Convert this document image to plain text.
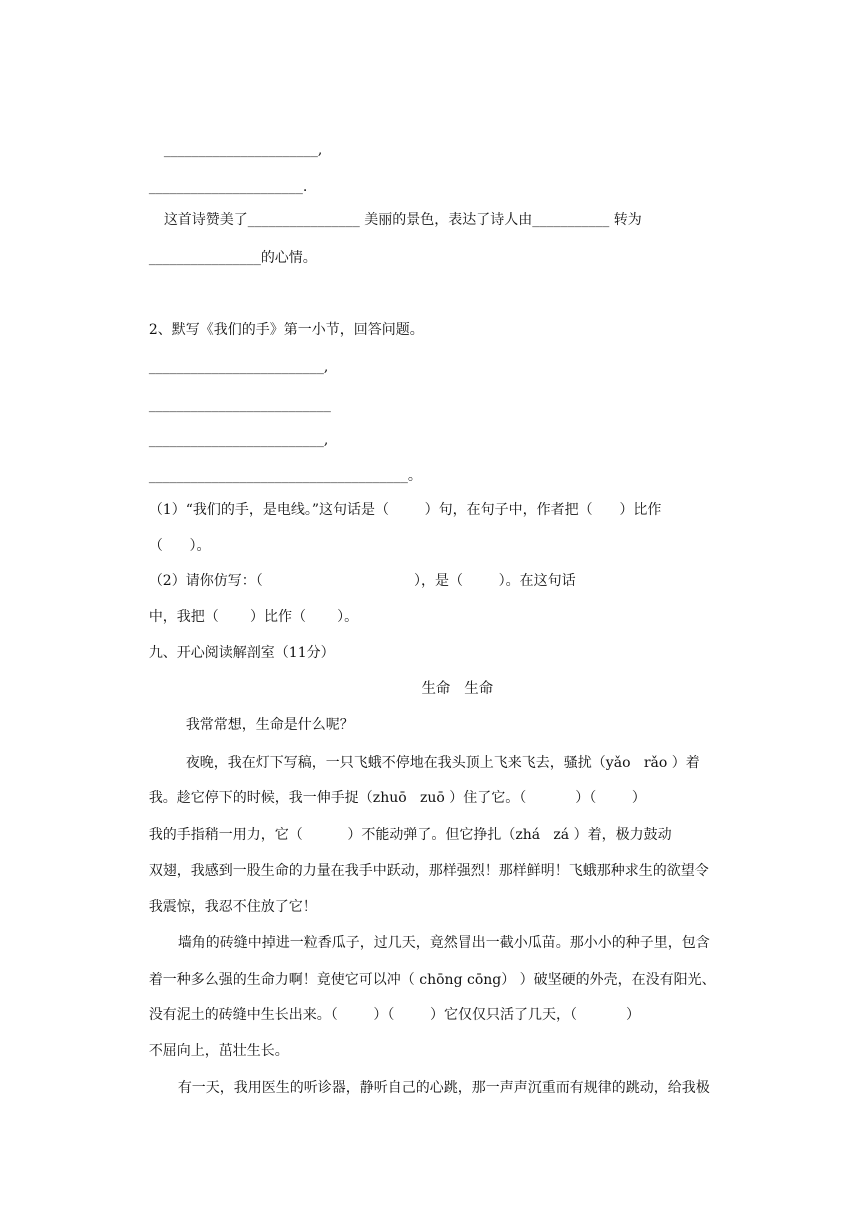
______________________,

______________________.

这首诗赞美了________________ 美丽的景色，表达了诗人由___________ 转为

________________的心情。

2、默写《我们的手》第一小节，回答问题。

_________________________,

__________________________

_________________________,

_____________________________________。

（1）“我们的手，是电线。”这句话是（        ）句，在句子中，作者把（      ）比作

（      ）。

（2）请你仿写：（                                  ），是（        ）。在这句话

中，我把（       ）比作（       ）。

九、开心阅读解剖室（11分）

生命   生命

我常常想，生命是什么呢？

夜晚，我在灯下写稿，一只飞蛾不停地在我头顶上飞来飞去，骚扰（yǎo   rǎo ）着

我。趁它停下的时候，我一伸手捉（zhuō   zuō ）住了它。（           ）（        ）

我的手指稍一用力，它（          ）不能动弹了。但它挣扎（zhá   zá ）着，极力鼓动

双翅，我感到一股生命的力量在我手中跃动，那样强烈！那样鲜明！飞蛾那种求生的欲望令

我震惊，我忍不住放了它！

墙角的砖缝中掉进一粒香瓜子，过几天，竟然冒出一截小瓜苗。那小小的种子里，包含

着一种多么强的生命力啊！竟使它可以冲（ chōng cōng） ）破坚硬的外壳，在没有阳光、

没有泥土的砖缝中生长出来。（        ）（        ）它仅仅只活了几天，（           ）

不屈向上，茁壮生长。

有一天，我用医生的听诊器，静听自己的心跳，那一声声沉重而有规律的跳动，给我极
